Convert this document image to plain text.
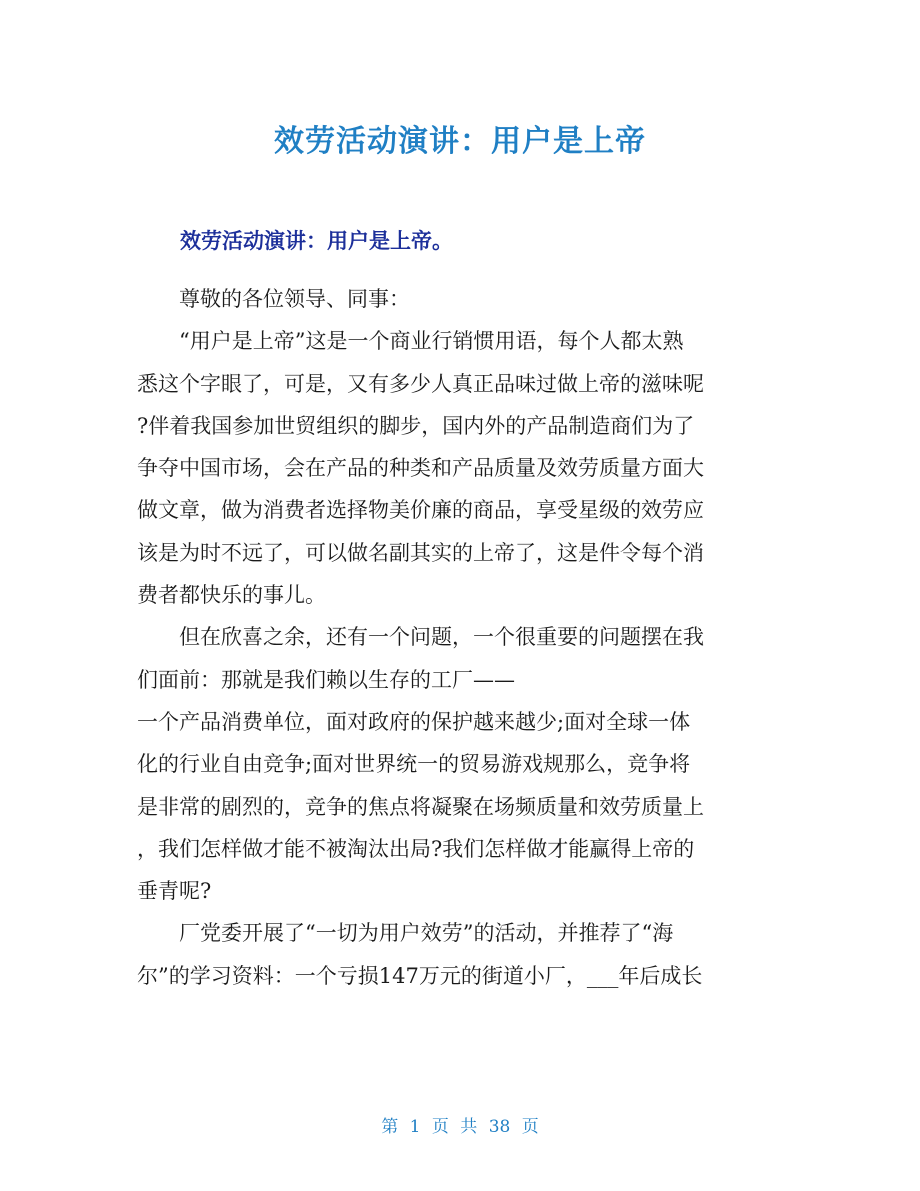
效劳活动演讲：用户是上帝
效劳活动演讲：用户是上帝。
　　尊敬的各位领导、同事：
　　“用户是上帝”这是一个商业行销惯用语，每个人都太熟
悉这个字眼了，可是，又有多少人真正品味过做上帝的滋味呢
?伴着我国参加世贸组织的脚步，国内外的产品制造商们为了
争夺中国市场，会在产品的种类和产品质量及效劳质量方面大
做文章，做为消费者选择物美价廉的商品，享受星级的效劳应
该是为时不远了，可以做名副其实的上帝了，这是件令每个消
费者都快乐的事儿。
　　但在欣喜之余，还有一个问题，一个很重要的问题摆在我
们面前：那就是我们赖以生存的工厂——
一个产品消费单位，面对政府的保护越来越少;面对全球一体
化的行业自由竞争;面对世界统一的贸易游戏规那么，竞争将
是非常的剧烈的，竞争的焦点将凝聚在场频质量和效劳质量上
，我们怎样做才能不被淘汰出局?我们怎样做才能赢得上帝的
垂青呢?
　　厂党委开展了“一切为用户效劳”的活动，并推荐了“海
尔”的学习资料：一个亏损147万元的街道小厂，___年后成长
第 1 页 共 38 页
